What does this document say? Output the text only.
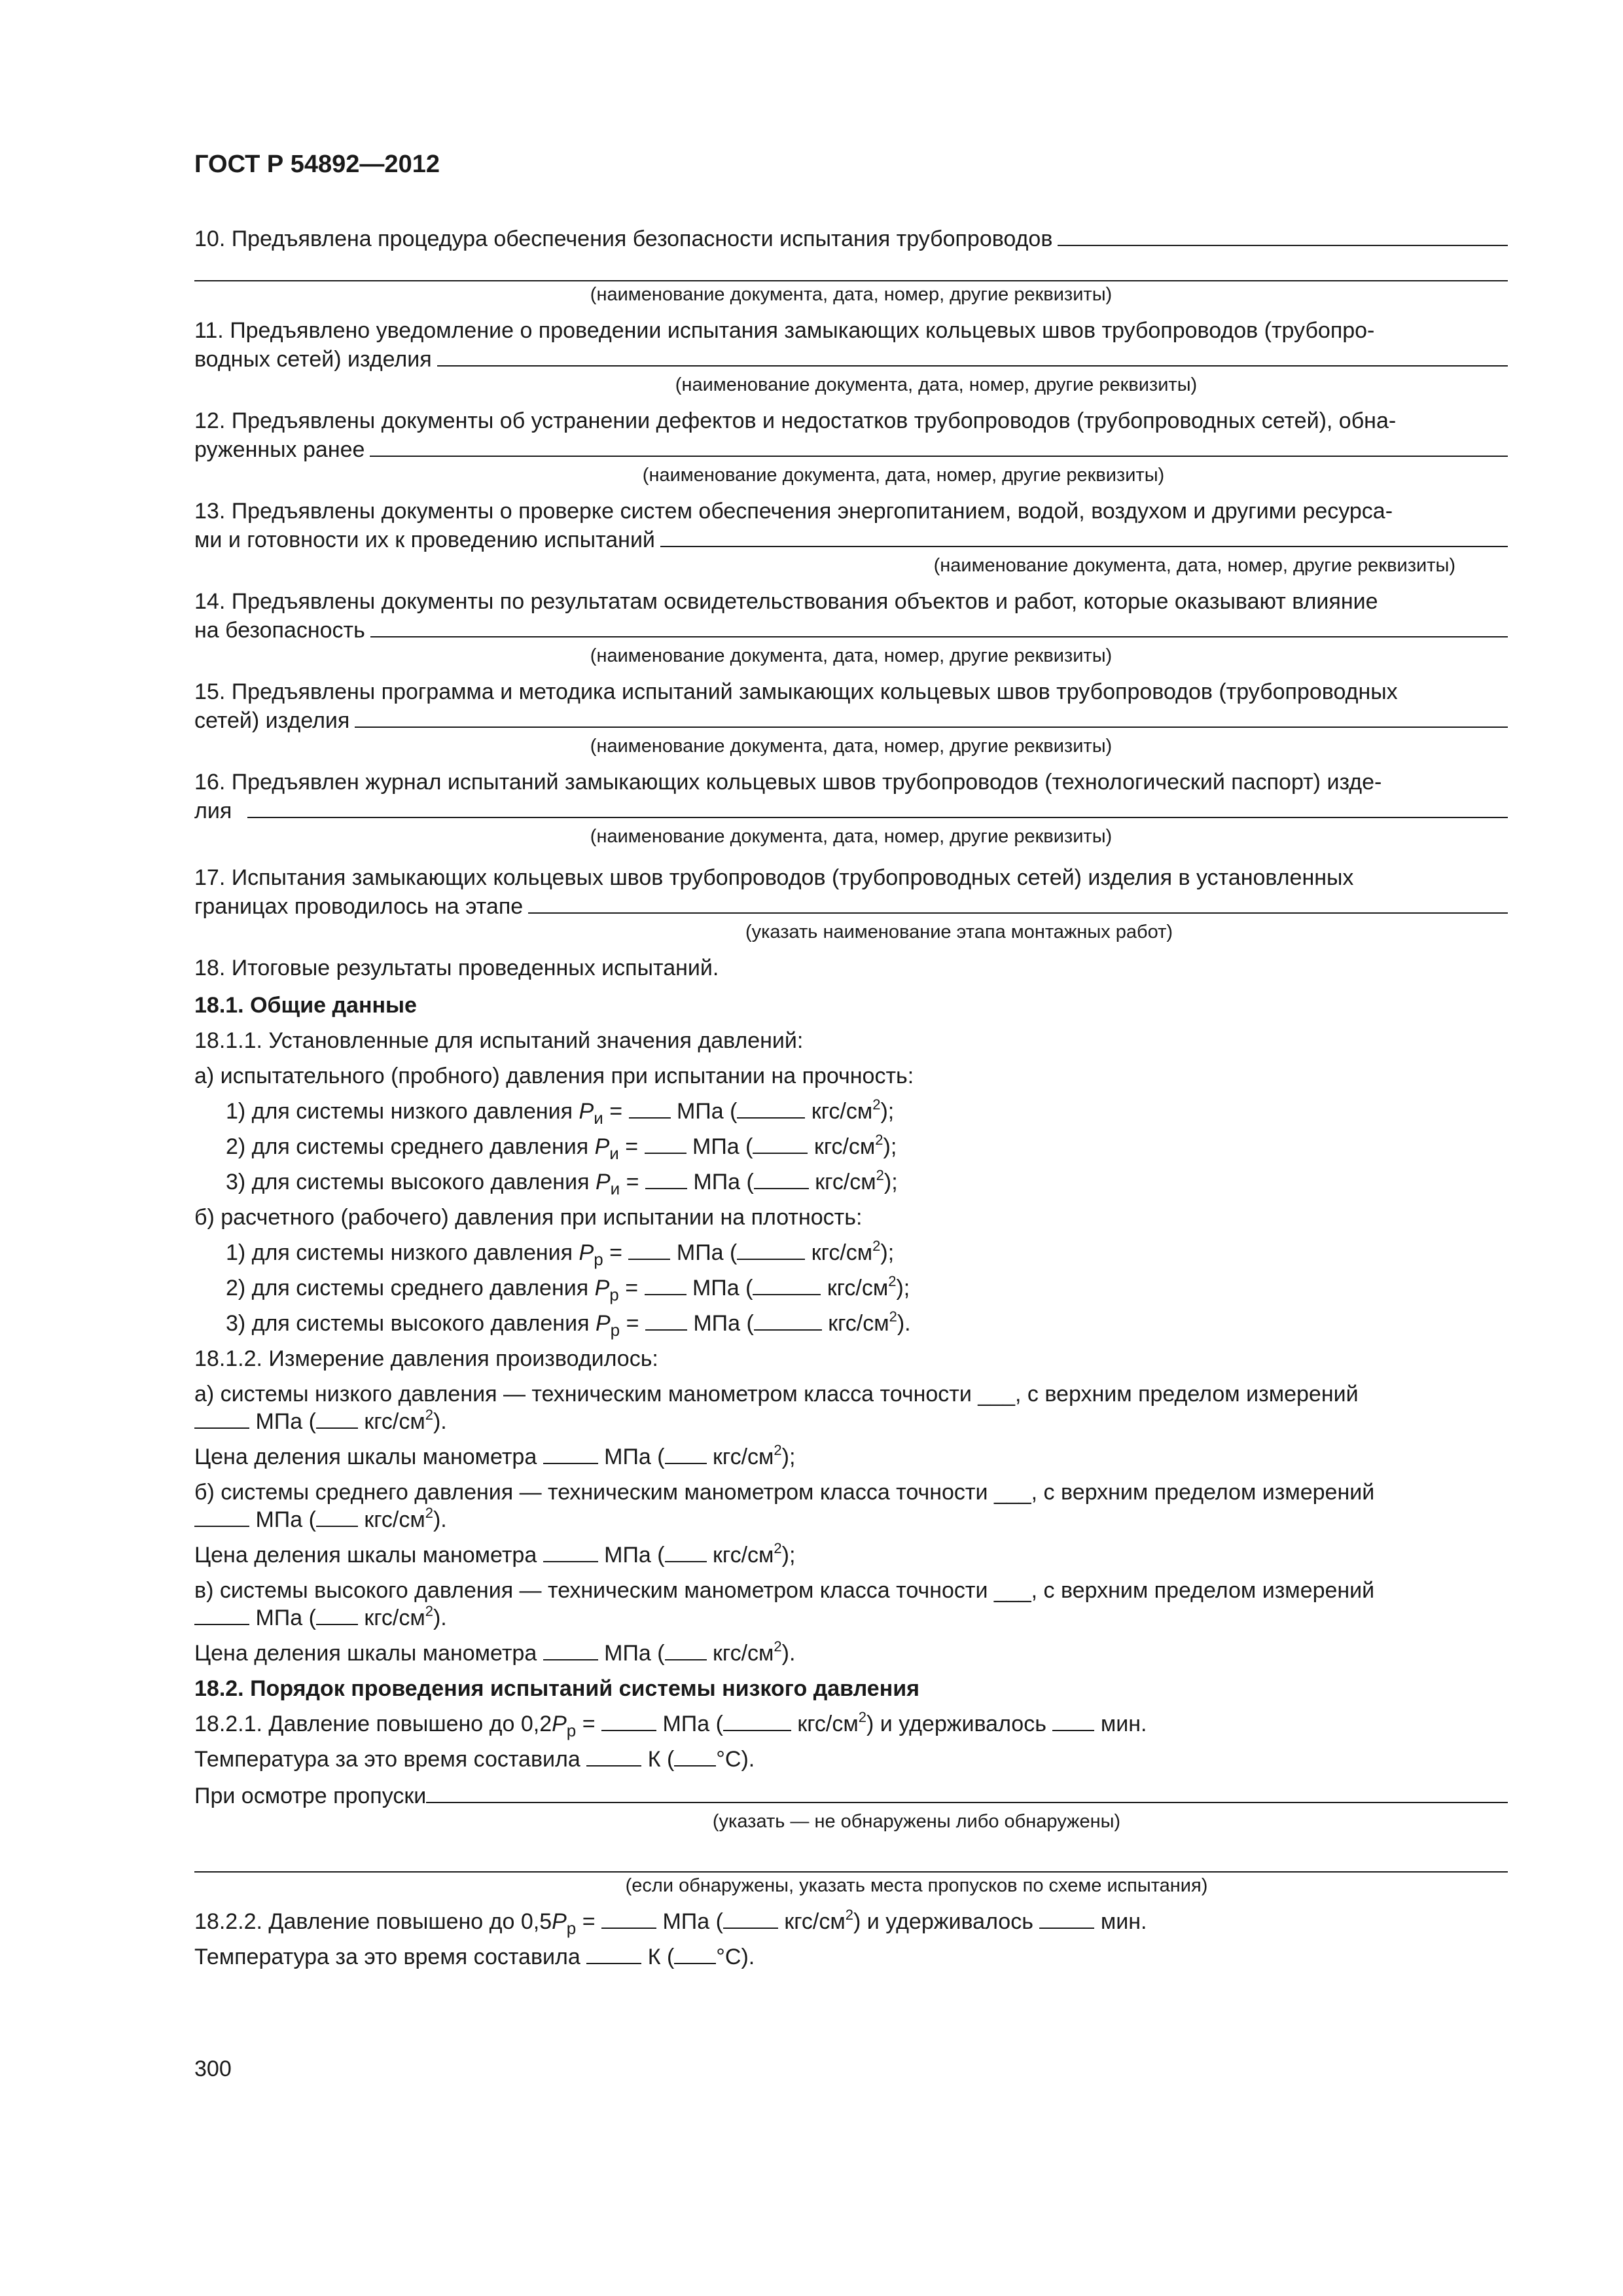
ГОСТ Р 54892—2012
10. Предъявлена процедура обеспечения безопасности испытания трубопроводов
(наименование документа, дата, номер, другие реквизиты)
11. Предъявлено уведомление о проведении испытания замыкающих кольцевых швов трубопроводов (трубопро-
водных сетей) изделия
(наименование документа, дата, номер, другие реквизиты)
12. Предъявлены документы об устранении дефектов и недостатков трубопроводов (трубопроводных сетей), обна-
руженных ранее
(наименование документа, дата, номер, другие реквизиты)
13. Предъявлены документы о проверке систем обеспечения энергопитанием, водой, воздухом и другими ресурса-
ми и готовности их к проведению испытаний
(наименование документа, дата, номер, другие реквизиты)
14. Предъявлены документы по результатам освидетельствования объектов и работ, которые оказывают влияние
на безопасность
(наименование документа, дата, номер, другие реквизиты)
15. Предъявлены программа и методика испытаний замыкающих кольцевых швов трубопроводов (трубопроводных
сетей) изделия
(наименование документа, дата, номер, другие реквизиты)
16. Предъявлен журнал испытаний замыкающих кольцевых швов трубопроводов (технологический паспорт) изде-
лия
(наименование документа, дата, номер, другие реквизиты)
17. Испытания замыкающих кольцевых швов трубопроводов (трубопроводных сетей) изделия в установленных
границах проводилось на этапе
(указать наименование этапа монтажных работ)
18. Итоговые результаты проведенных испытаний.
18.1. Общие данные
18.1.1. Установленные для испытаний значения давлений:
а) испытательного (пробного) давления при испытании на прочность:
1) для системы низкого давления $P_и$ = МПа (	кгс/$см^2$);
2) для системы среднего давления $P_и$ = МПа (	кгс/$см^2$);
3) для системы высокого давления $P_и$ = МПа (	кгс/$см^2$);
б) расчетного (рабочего) давления при испытании на плотность:
1) для системы низкого давления $P_р$ = МПа (	кгс/$см^2$);
2) для системы среднего давления $P_р$ = МПа (	кгс/$см^2$);
3) для системы высокого давления $P_р$ = МПа (	кгс/$см^2$).
18.1.2. Измерение давления производилось:
а) системы низкого давления — техническим манометром класса точности ___, с верхним пределом измерений
МПа ( кгс/$см^2$).
Цена деления шкалы манометра	МПа ( кгс/$см^2$);
б) системы среднего давления — техническим манометром класса точности ___, с верхним пределом измерений
МПа ( кгс/$см^2$).
Цена деления шкалы манометра	МПа ( кгс/$см^2$);
в) системы высокого давления — техническим манометром класса точности ___, с верхним пределом измерений
МПа ( кгс/$см^2$).
Цена деления шкалы манометра	МПа ( кгс/$см^2$).
18.2. Порядок проведения испытаний системы низкого давления
18.2.1. Давление повышено до $0,2P_р$ =	МПа (	кгс/$см^2$) и удерживалось мин.
Температура за это время составила	К ( °С).
При осмотре пропуски
(указать — не обнаружены либо обнаружены)
(если обнаружены, указать места пропусков по схеме испытания)
18.2.2. Давление повышено до $0,5P_р$ =	МПа (	кгс/$см^2$) и удерживалось	мин.
Температура за это время составила	К ( °С).
300
